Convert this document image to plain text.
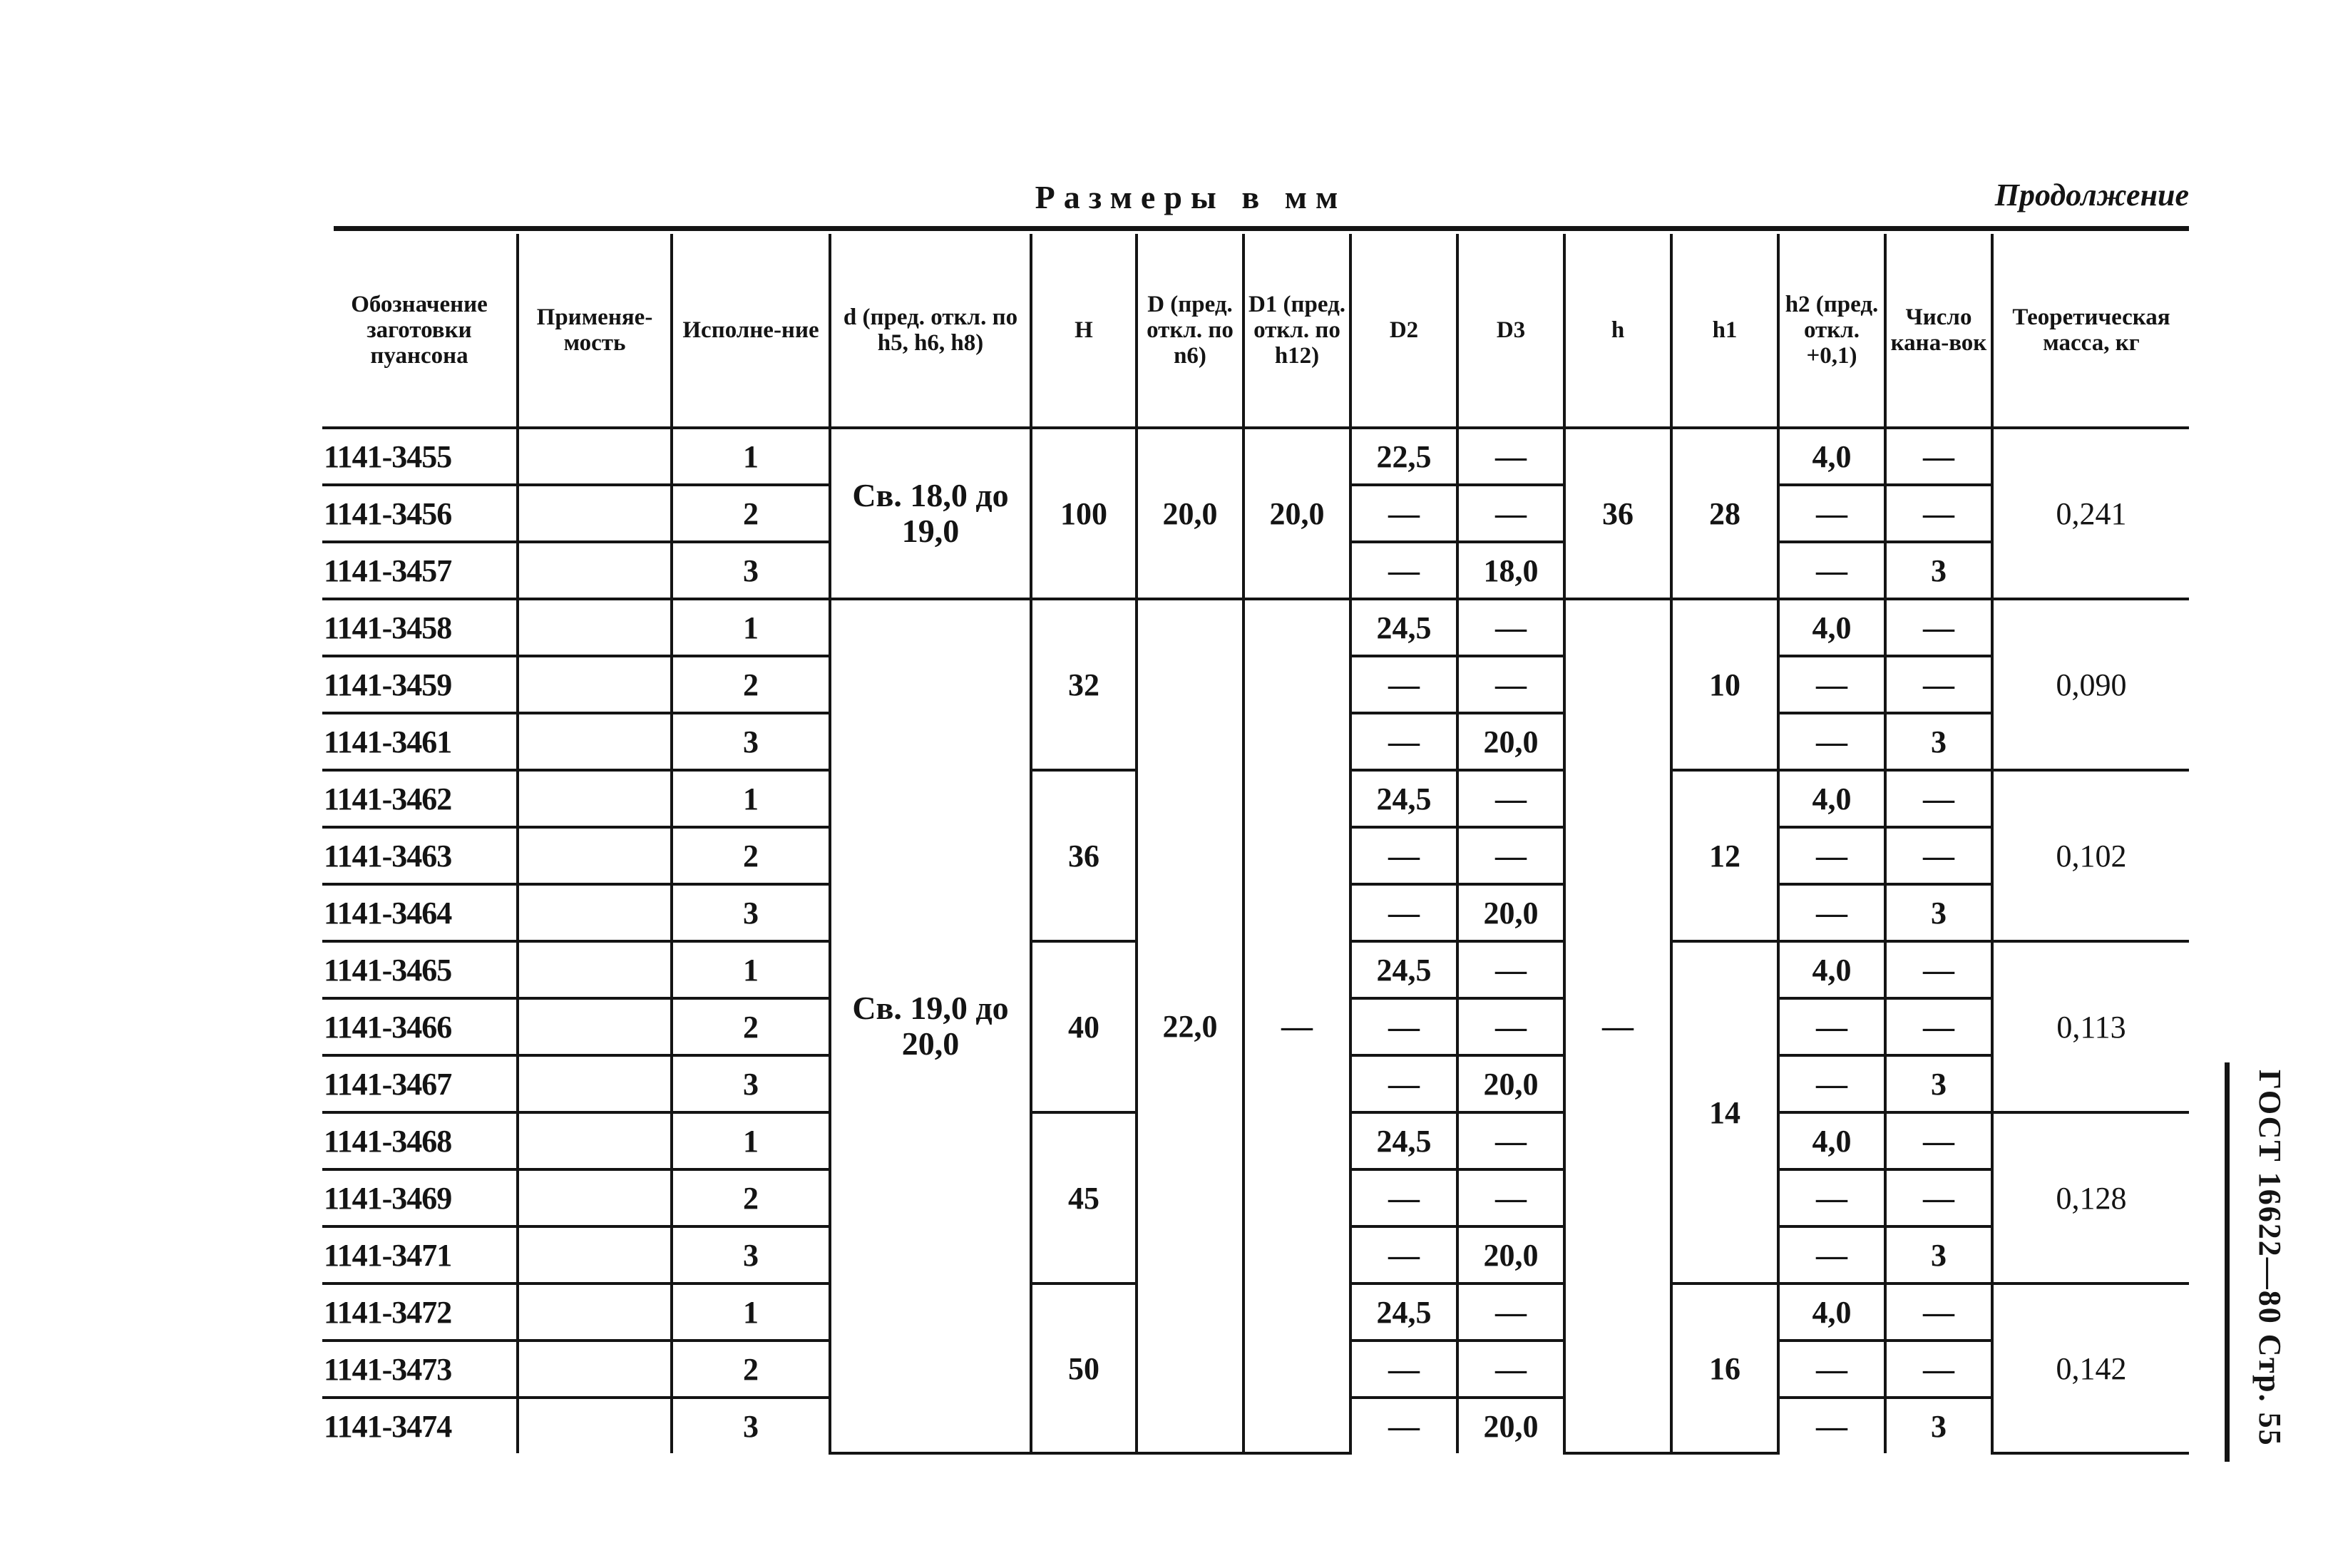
Размеры в мм	Продолжение
Обозначение заготовки пуансона	Применяе-мость	Исполне-ние	d (пред. откл. по h5, h6, h8)	H	D (пред. откл. по n6)	D1 (пред. откл. по h12)	D2	D3	h	h1	h2 (пред. откл. +0,1)	Число кана-вок	Теоретическая масса, кг
1141-3455		1	Св. 18,0 до 19,0	100	20,0	20,0	22,5	—	36	28	4,0	—	0,241
1141-3456		2					—	—			—	—	
1141-3457		3					—	18,0			—	3	
1141-3458		1	Св. 19,0 до 20,0	32	22,0	—	24,5	—	—	10	4,0	—	0,090
1141-3459		2					—	—			—	—	
1141-3461		3					—	20,0			—	3	
1141-3462		1		36			24,5	—		12	4,0	—	0,102
1141-3463		2					—	—			—	—	
1141-3464		3					—	20,0			—	3	
1141-3465		1		40			24,5	—		14	4,0	—	0,113
1141-3466		2					—	—			—	—	
1141-3467		3					—	20,0			—	3	
1141-3468		1		45			24,5	—			4,0	—	0,128
1141-3469		2					—	—			—	—	
1141-3471		3					—	20,0			—	3	
1141-3472		1		50			24,5	—		16	4,0	—	0,142
1141-3473		2					—	—			—	—	
1141-3474		3					—	20,0			—	3		ГОСТ 16622—80 Стр. 55
